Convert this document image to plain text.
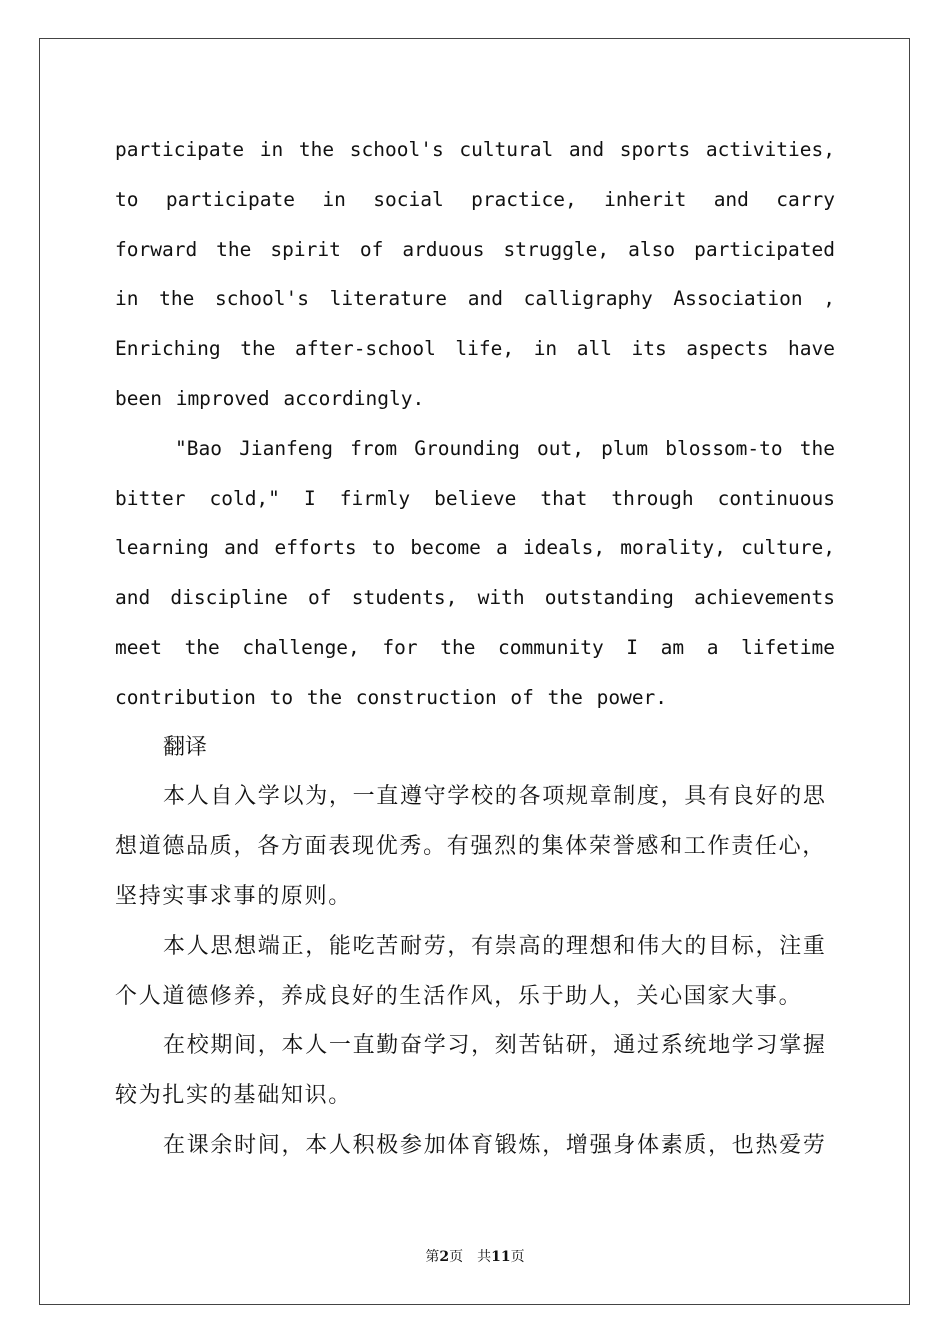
participate in the school's cultural and sports activities, to participate in social practice, inherit and carry forward the spirit of arduous struggle, also participated in the school's literature and calligraphy Association , Enriching the after-school life, in all its aspects have been improved accordingly.

"Bao Jianfeng from Grounding out, plum blossom-to the bitter cold," I firmly believe that through continuous learning and efforts to become a ideals, morality, culture, and discipline of students, with outstanding achievements meet the challenge, for the community I am a lifetime contribution to the construction of the power.

翻译

本人自入学以为，一直遵守学校的各项规章制度，具有良好的思想道德品质，各方面表现优秀。有强烈的集体荣誉感和工作责任心，坚持实事求事的原则。

本人思想端正，能吃苦耐劳，有崇高的理想和伟大的目标，注重个人道德修养，养成良好的生活作风，乐于助人，关心国家大事。

在校期间，本人一直勤奋学习，刻苦钻研，通过系统地学习掌握较为扎实的基础知识。

在课余时间，本人积极参加体育锻炼，增强身体素质，也热爱劳

第2页　共11页
